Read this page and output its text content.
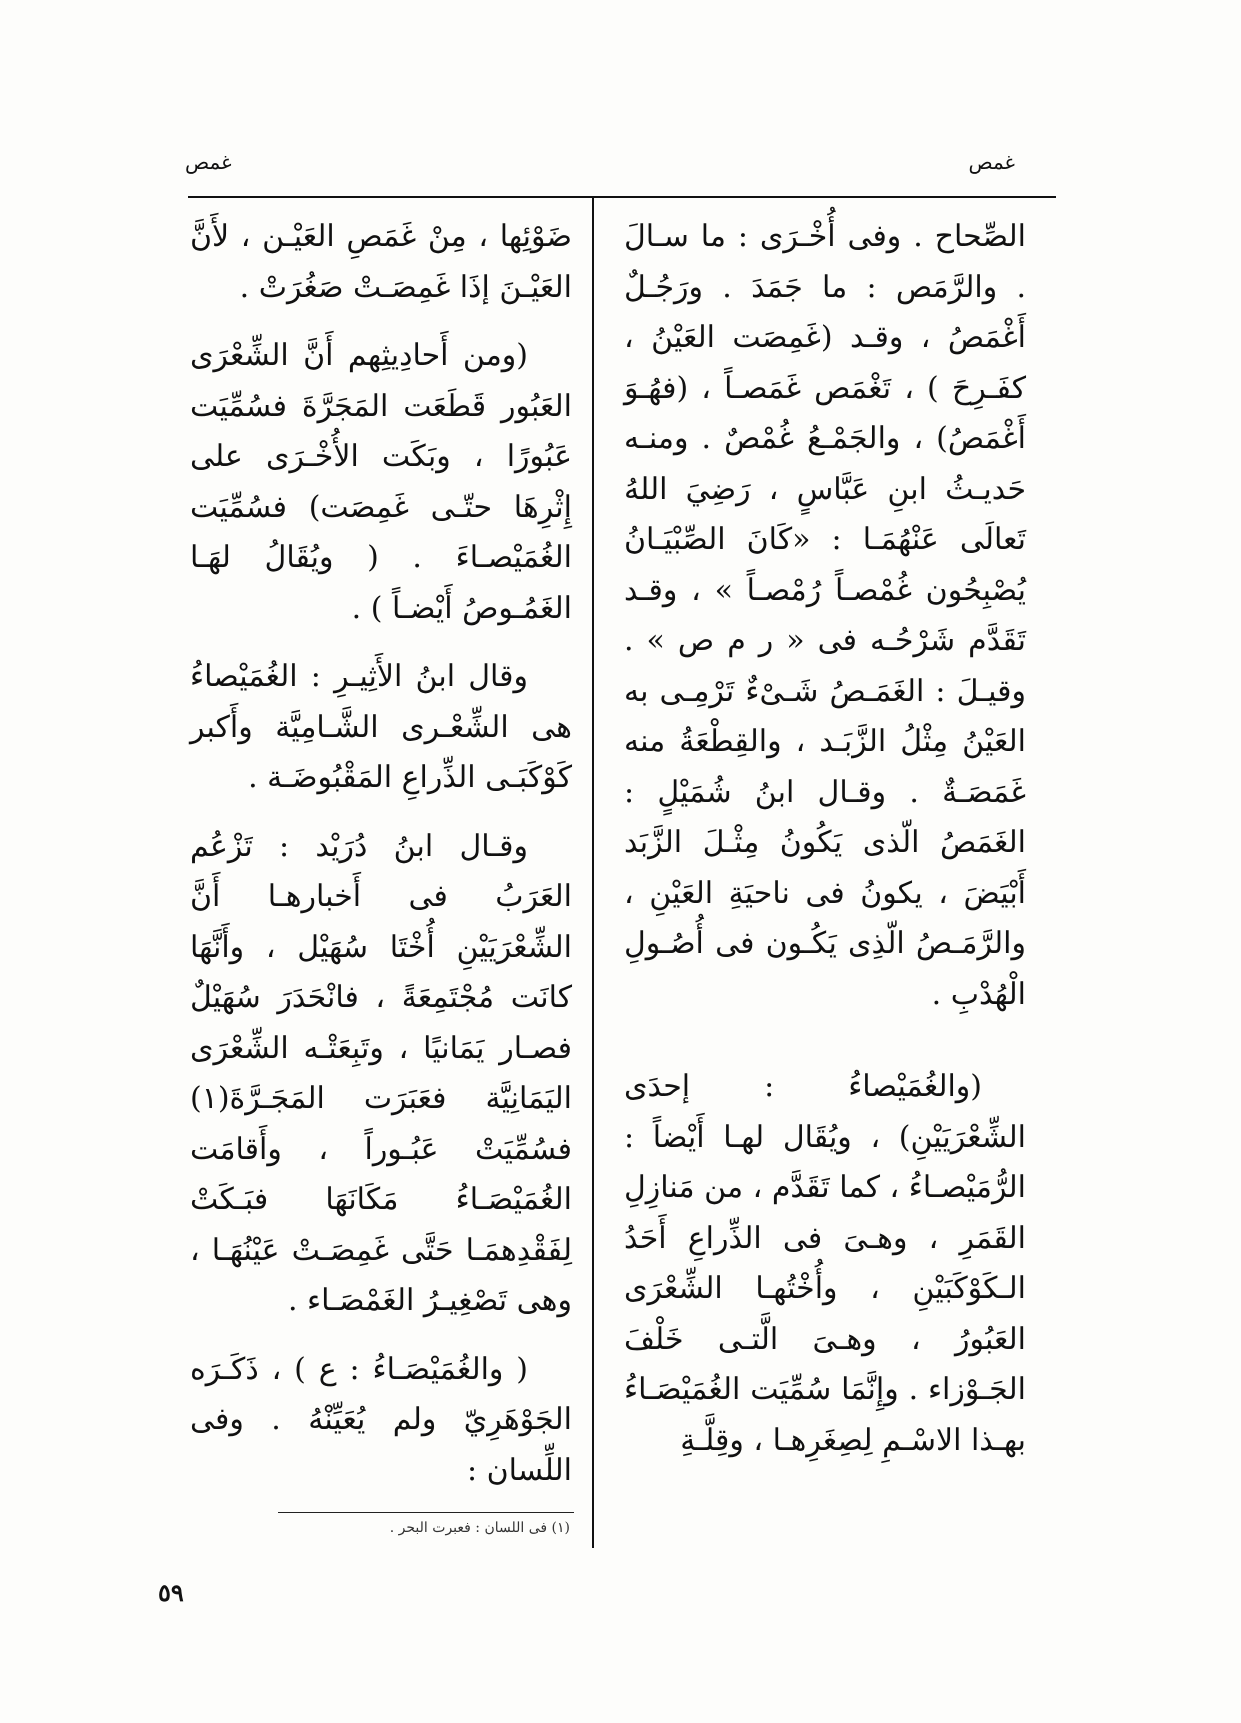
غمص	غمص

الصِّحاح . وفى أُخْـرَى : ما سـالَ . والرَّمَص : ما جَمَدَ . ورَجُـلٌ أَغْمَصُ ، وقـد (غَمِصَت العَيْنُ ، كفَـرِحَ ) ، تَغْمَص غَمَصـاً ، (فهُـوَ أَغْمَصُ) ، والجَمْـعُ غُمْصٌ . ومنـه حَديـثُ ابنِ عَبَّاسٍ ، رَضِيَ اللهُ تَعالَى عَنْهُمَـا : «كَانَ الصِّبْيَـانُ يُصْبِحُون غُمْصـاً رُمْصـاً » ، وقـد تَقَدَّم شَرْحُـه فى « ر م ص » . وقيـلَ : الغَمَـصُ شَـىْءٌ تَرْمِـى به العَيْنُ مِثْلُ الزَّبَـد ، والقِطْعَةُ منه غَمَصَـةٌ . وقـال ابنُ شُمَيْلٍ : الغَمَصُ الّذى يَكُونُ مِثْـلَ الزَّبَد أَبْيَضَ ، يكونُ فى ناحيَةِ العَيْنِ ، والرَّمَـصُ الّذِى يَكُـون فى أُصُـولِ الْهُدْبِ .

(والغُمَيْصاءُ : إحدَى الشِّعْرَيَيْنِ) ، ويُقَال لهـا أَيْضاً : الرُّمَيْصـاءُ ، كما تَقَدَّم ، من مَنازِلِ القَمَرِ ، وهـىَ فى الذِّراعِ أَحَدُ الـكَوْكَبَيْنِ ، وأُخْتُهـا الشِّعْرَى العَبُورُ ، وهـىَ الَّتـى خَلْفَ الجَـوْزاء . وإِنَّمَا سُمِّيَت الغُمَيْصَـاءُ بهـذا الاسْـمِ لِصِغَرِهـا ، وقِلَّـةِ

ضَوْئِها ، مِنْ غَمَصِ العَيْـن ، لأَنَّ العَيْـنَ إذَا غَمِصَـتْ صَغُرَتْ .

(ومن أَحادِيثِهم أَنَّ الشِّعْرَى العَبُور قَطَعَت المَجَرَّةَ فسُمِّيَت عَبُورًا ، وبَكَت الأُخْـرَى على إِثْرِهَا حتّـى غَمِصَت) فسُمِّيَت الغُمَيْصـاءَ . ( ويُقَالُ لهَـا الغَمُـوصُ أَيْضـاً ) .

وقال ابنُ الأَثِيـرِ : الغُمَيْصاءُ هى الشِّعْـرى الشَّـامِيَّة وأَكبر كَوْكَبَـى الذِّراعِ المَقْبُوضَـة .

وقـال ابنُ دُرَيْد : تَزْعُم العَرَبُ فى أَخبارهـا أَنَّ الشِّعْرَيَيْنِ أُخْتَا سُهَيْل ، وأَنَّهَا كانَت مُجْتَمِعَةً ، فانْحَدَرَ سُهَيْلٌ فصـار يَمَانيًا ، وتَبِعَتْـه الشِّعْرَى اليَمَانِيَّة فعَبَرَت المَجَـرَّةَ(١) فسُمِّيَتْ عَبُـوراً ، وأَقامَت الغُمَيْصَـاءُ مَكَانَهَا فبَـكَتْ لِفَقْدِهمَـا حَتَّى غَمِصَـتْ عَيْنُهَـا ، وهى تَصْغِيـرُ الغَمْصَـاء .

( والغُمَيْصَـاءُ : ع ) ، ذَكَـرَه الجَوْهَرِيّ ولم يُعَيِّنْهُ . وفى اللِّسان :

(١) فى اللسان : فعبرت البحر .
٥٩
